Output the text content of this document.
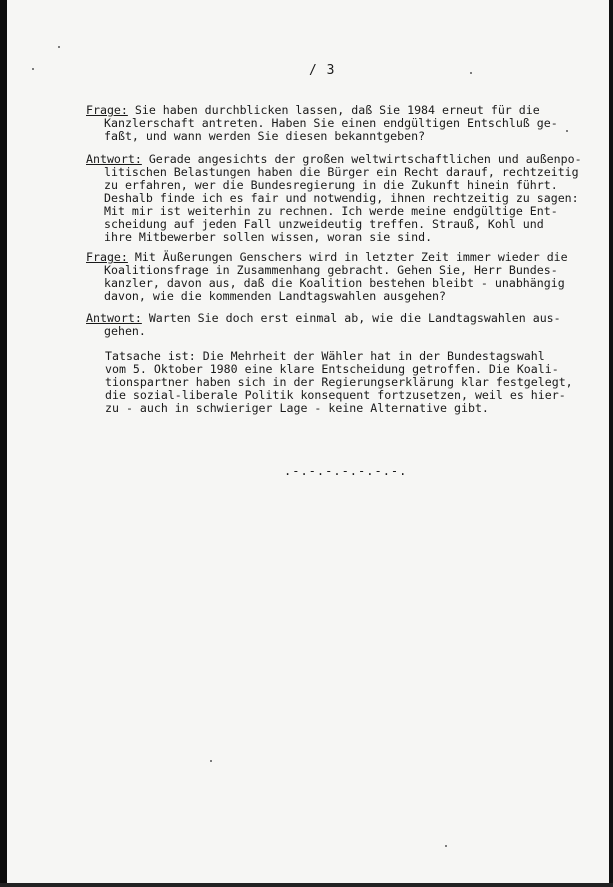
/ 3
Frage: Sie haben durchblicken lassen, daß Sie 1984 erneut für die
Kanzlerschaft antreten. Haben Sie einen endgültigen Entschluß ge-
faßt, und wann werden Sie diesen bekanntgeben?
Antwort: Gerade angesichts der großen weltwirtschaftlichen und außenpo-
litischen Belastungen haben die Bürger ein Recht darauf, rechtzeitig
zu erfahren, wer die Bundesregierung in die Zukunft hinein führt.
Deshalb finde ich es fair und notwendig, ihnen rechtzeitig zu sagen:
Mit mir ist weiterhin zu rechnen. Ich werde meine endgültige Ent-
scheidung auf jeden Fall unzweideutig treffen. Strauß, Kohl und
ihre Mitbewerber sollen wissen, woran sie sind.
Frage: Mit Äußerungen Genschers wird in letzter Zeit immer wieder die
Koalitionsfrage in Zusammenhang gebracht. Gehen Sie, Herr Bundes-
kanzler, davon aus, daß die Koalition bestehen bleibt - unabhängig
davon, wie die kommenden Landtagswahlen ausgehen?
Antwort: Warten Sie doch erst einmal ab, wie die Landtagswahlen aus-
gehen.
Tatsache ist: Die Mehrheit der Wähler hat in der Bundestagswahl
vom 5. Oktober 1980 eine klare Entscheidung getroffen. Die Koali-
tionspartner haben sich in der Regierungserklärung klar festgelegt,
die sozial-liberale Politik konsequent fortzusetzen, weil es hier-
zu - auch in schwieriger Lage - keine Alternative gibt.
.-.-.-.-.-.-.-.
